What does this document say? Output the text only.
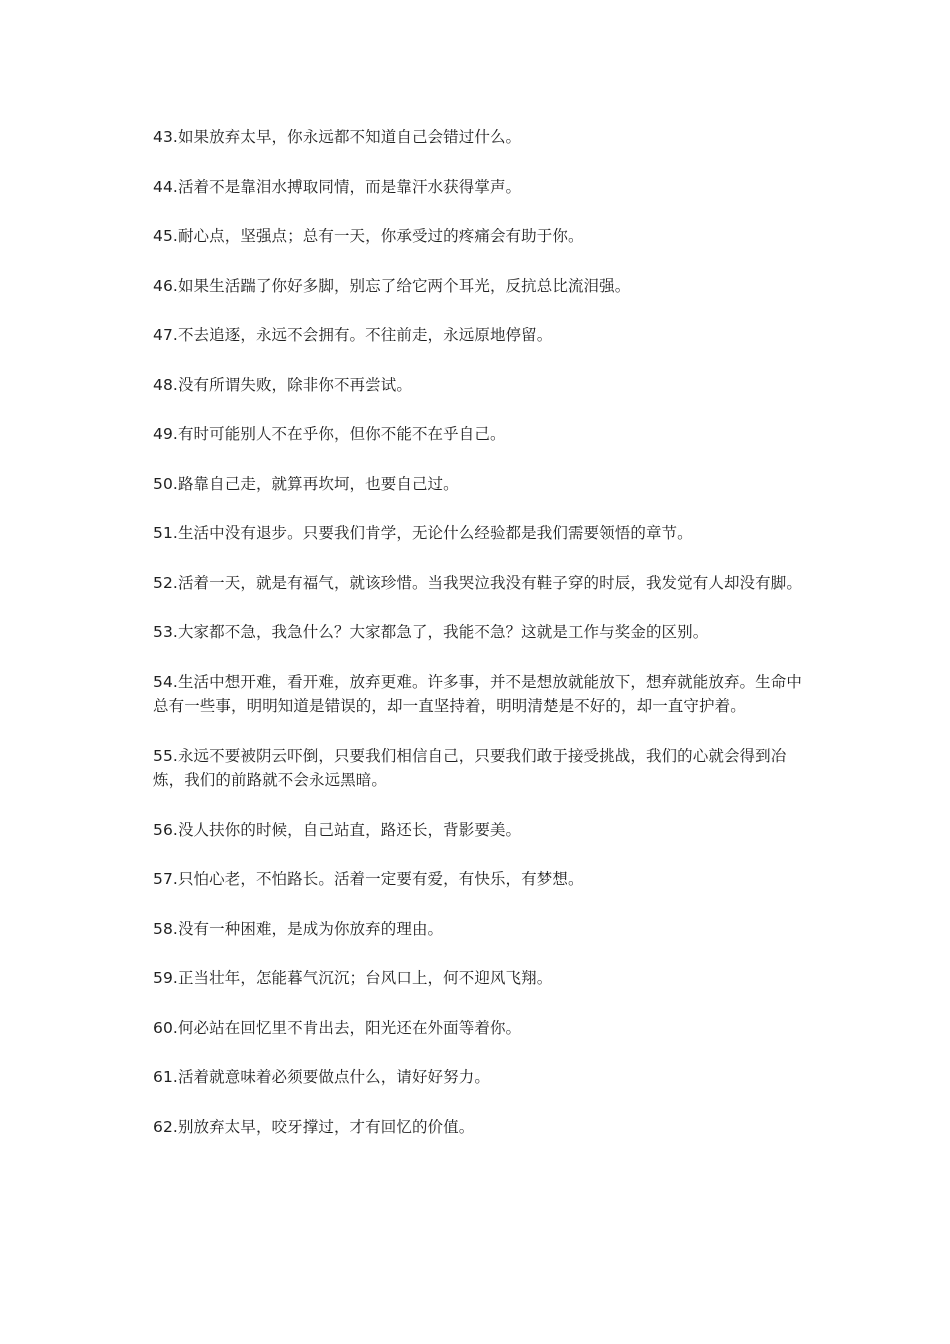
43.如果放弃太早，你永远都不知道自己会错过什么。

44.活着不是靠泪水搏取同情，而是靠汗水获得掌声。

45.耐心点，坚强点；总有一天，你承受过的疼痛会有助于你。

46.如果生活踹了你好多脚，别忘了给它两个耳光，反抗总比流泪强。

47.不去追逐，永远不会拥有。不往前走，永远原地停留。

48.没有所谓失败，除非你不再尝试。

49.有时可能别人不在乎你，但你不能不在乎自己。

50.路靠自己走，就算再坎坷，也要自己过。

51.生活中没有退步。只要我们肯学，无论什么经验都是我们需要领悟的章节。

52.活着一天，就是有福气，就该珍惜。当我哭泣我没有鞋子穿的时辰，我发觉有人却没有脚。

53.大家都不急，我急什么？大家都急了，我能不急？这就是工作与奖金的区别。

54.生活中想开难，看开难，放弃更难。许多事，并不是想放就能放下，想弃就能放弃。生命中总有一些事，明明知道是错误的，却一直坚持着，明明清楚是不好的，却一直守护着。

55.永远不要被阴云吓倒，只要我们相信自己，只要我们敢于接受挑战，我们的心就会得到冶炼，我们的前路就不会永远黑暗。

56.没人扶你的时候，自己站直，路还长，背影要美。

57.只怕心老，不怕路长。活着一定要有爱，有快乐，有梦想。

58.没有一种困难，是成为你放弃的理由。

59.正当壮年，怎能暮气沉沉；台风口上，何不迎风飞翔。

60.何必站在回忆里不肯出去，阳光还在外面等着你。

61.活着就意味着必须要做点什么，请好好努力。

62.别放弃太早，咬牙撑过，才有回忆的价值。
